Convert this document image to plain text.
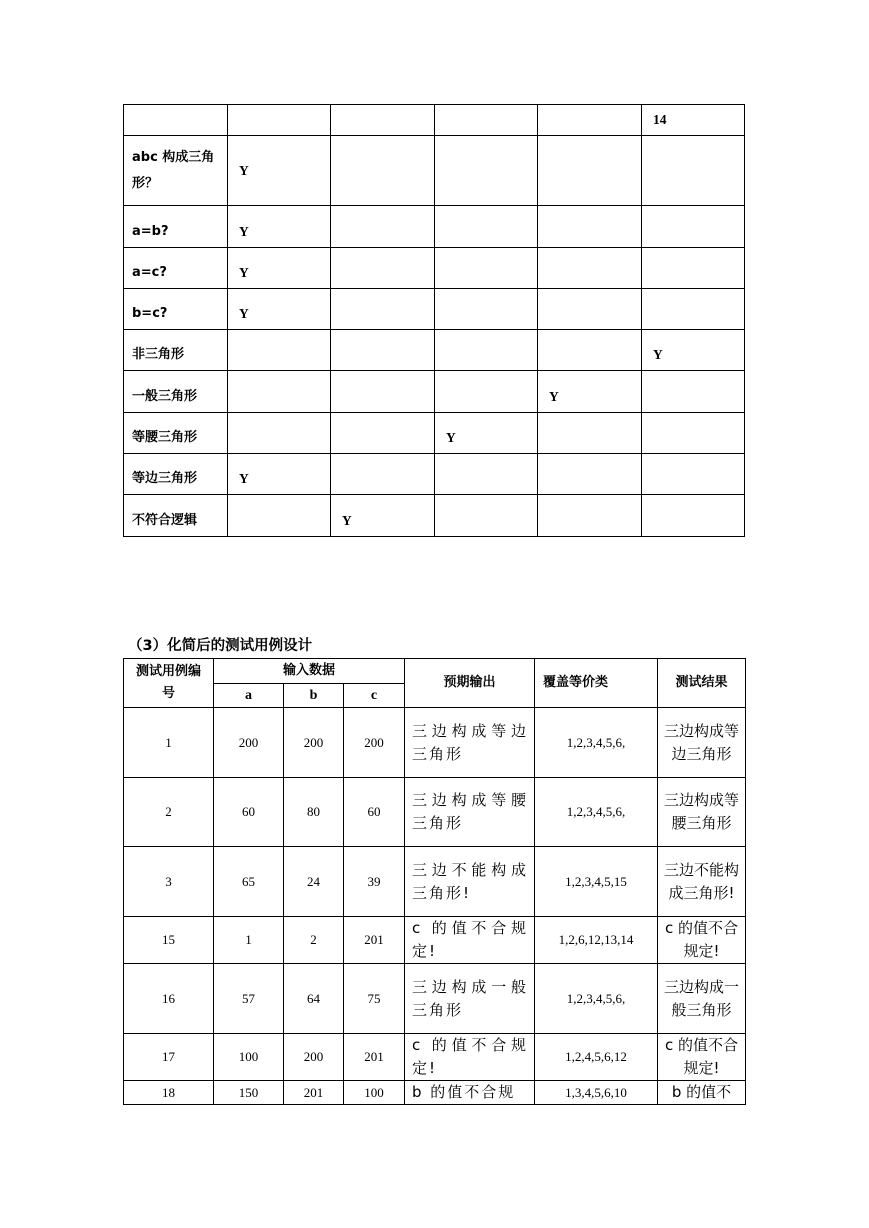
					14
abc 构成三角形？	Y				
a=b?	Y				
a=c?	Y				
b=c?	Y				
非三角形					Y
一般三角形				Y	
等腰三角形			Y		
等边三角形	Y				
不符合逻辑		Y			
（3）化简后的测试用例设计
测试用例编号	输入数据			预期输出	覆盖等价类	测试结果
	a	b	c			
1	200	200	200	三边构成等边三角形	1,2,3,4,5,6,	三边构成等边三角形
2	60	80	60	三边构成等腰三角形	1,2,3,4,5,6,	三边构成等腰三角形
3	65	24	39	三边不能构成三角形!	1,2,3,4,5,15	三边不能构成三角形!
15	1	2	201	c 的值不合规定!	1,2,6,12,13,14	c 的值不合规定!
16	57	64	75	三边构成一般三角形	1,2,3,4,5,6,	三边构成一般三角形
17	100	200	201	c 的值不合规定!	1,2,4,5,6,12	c 的值不合规定!
18	150	201	100	b 的值不合规	1,3,4,5,6,10	b 的值不
